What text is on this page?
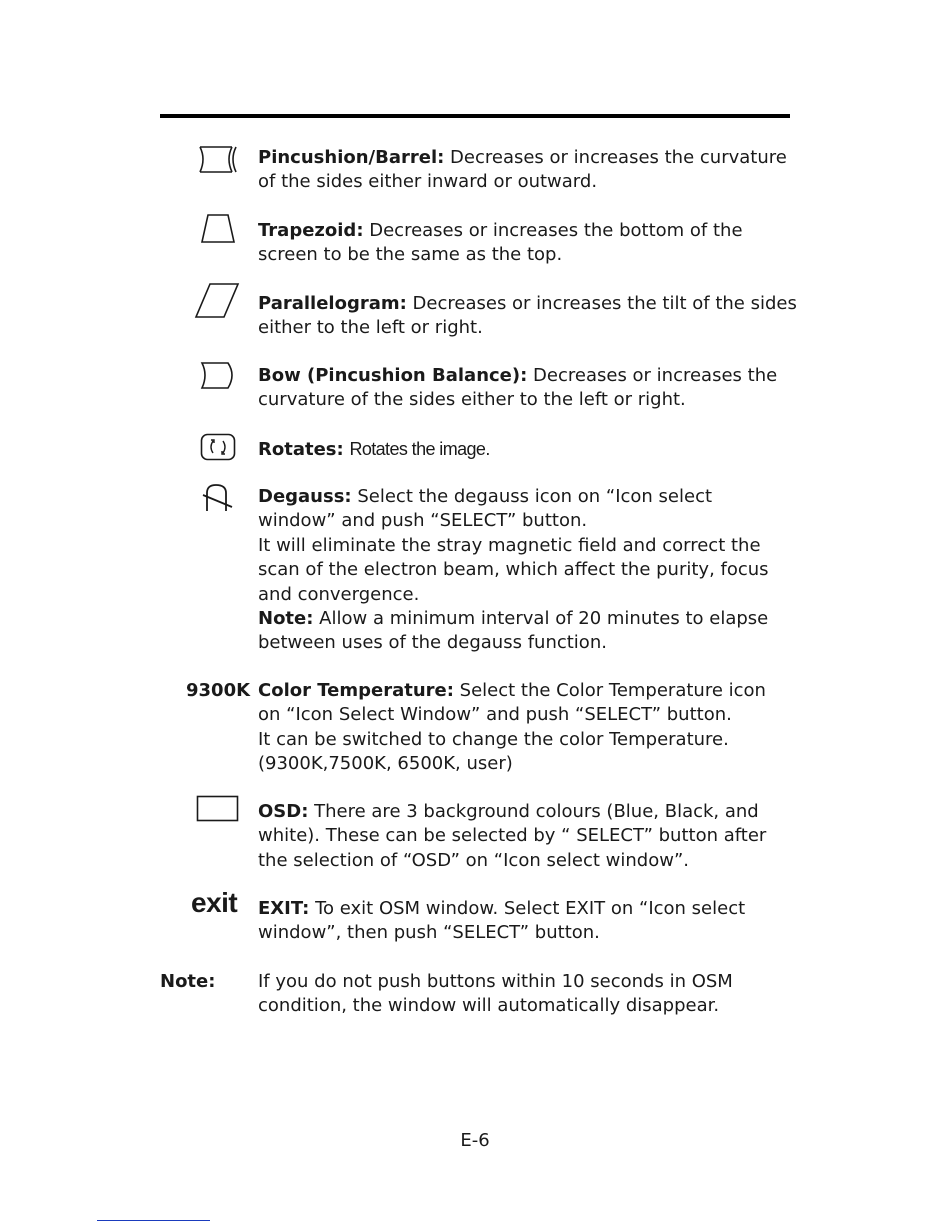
Pincushion/Barrel: Decreases or increases the curvature
of the sides either inward or outward.
Trapezoid: Decreases or increases the bottom of the
screen to be the same as the top.
Parallelogram: Decreases or increases the tilt of the sides
either to the left or right.
Bow (Pincushion Balance): Decreases or increases the
curvature of the sides either to the left or right.
Rotates: Rotates the image.
Degauss: Select the degauss icon on “Icon select
window” and push “SELECT” button.
It will eliminate the stray magnetic field and correct the
scan of the electron beam, which affect the purity, focus
and convergence.
Note: Allow a minimum interval of 20 minutes to elapse
between uses of the degauss function.
9300K Color Temperature: Select the Color Temperature icon
on “Icon Select Window” and push “SELECT” button.
It can be switched to change the color Temperature.
(9300K,7500K, 6500K, user)
OSD: There are 3 background colours (Blue, Black, and
white). These can be selected by “ SELECT” button after
the selection of “OSD” on “Icon select window”.
exit EXIT: To exit OSM window. Select EXIT on “Icon select
window”, then push “SELECT” button.
Note: If you do not push buttons within 10 seconds in OSM
condition, the window will automatically disappear.
E-6
